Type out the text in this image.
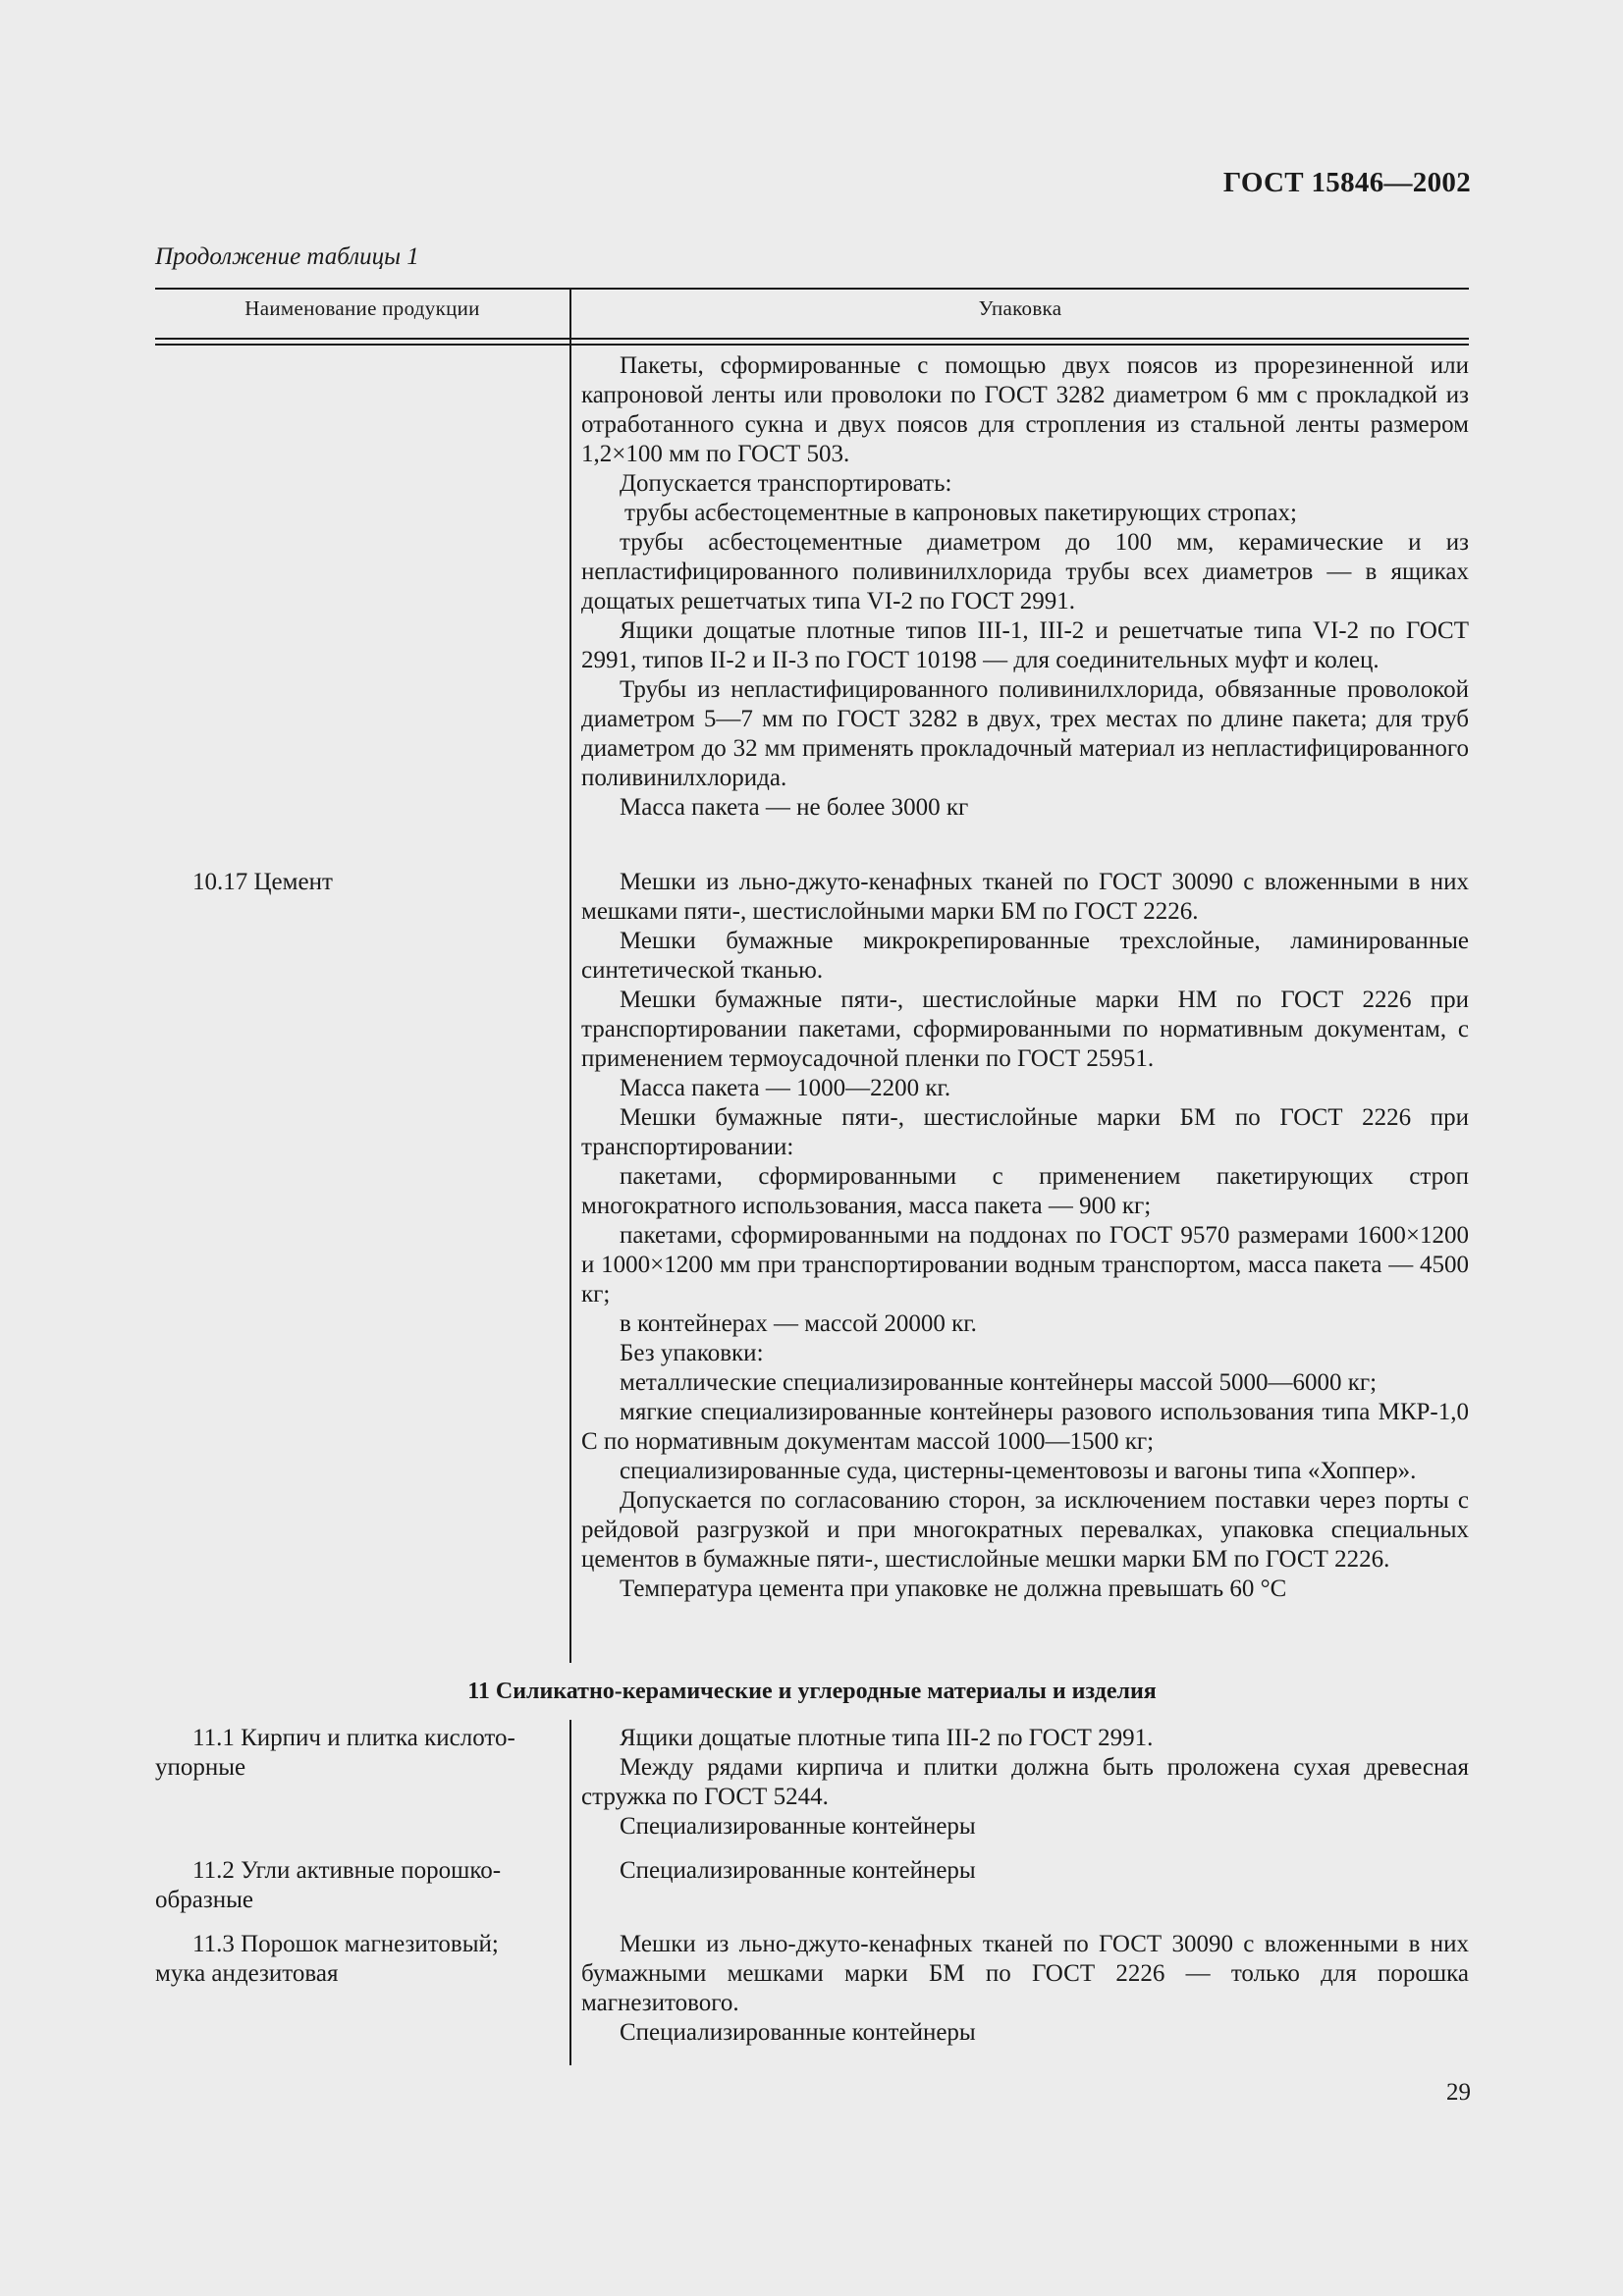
ГОСТ 15846—2002
Продолжение таблицы 1
Наименование продукции	Упаковка
Пакеты, сформированные с помощью двух поясов из прорезиненной или капроновой ленты или проволоки по ГОСТ 3282 диаметром 6 мм с прокладкой из отработанного сукна и двух поясов для стропления из стальной ленты размером 1,2×100 мм по ГОСТ 503.
Допускается транспортировать:
трубы асбестоцементные в капроновых пакетирующих стропах;
трубы асбестоцементные диаметром до 100 мм, керамические и из непластифицированного поливинилхлорида трубы всех диаметров — в ящиках дощатых решетчатых типа VI-2 по ГОСТ 2991.
Ящики дощатые плотные типов III-1, III-2 и решетчатые типа VI-2 по ГОСТ 2991, типов II-2 и II-3 по ГОСТ 10198 — для соединительных муфт и колец.
Трубы из непластифицированного поливинилхлорида, обвязанные проволокой диаметром 5—7 мм по ГОСТ 3282 в двух, трех местах по длине пакета; для труб диаметром до 32 мм применять прокладочный материал из непластифицированного поливинилхлорида.
Масса пакета — не более 3000 кг
10.17 Цемент	Мешки из льно-джуто-кенафных тканей по ГОСТ 30090 с вложенными в них мешками пяти-, шестислойными марки БМ по ГОСТ 2226.
Мешки бумажные микрокрепированные трехслойные, ламинированные синтетической тканью.
Мешки бумажные пяти-, шестислойные марки НМ по ГОСТ 2226 при транспортировании пакетами, сформированными по нормативным документам, с применением термоусадочной пленки по ГОСТ 25951.
Масса пакета — 1000—2200 кг.
Мешки бумажные пяти-, шестислойные марки БМ по ГОСТ 2226 при транспортировании:
пакетами, сформированными с применением пакетирующих строп многократного использования, масса пакета — 900 кг;
пакетами, сформированными на поддонах по ГОСТ 9570 размерами 1600×1200 и 1000×1200 мм при транспортировании водным транспортом, масса пакета — 4500 кг;
в контейнерах — массой 20000 кг.
Без упаковки:
металлические специализированные контейнеры массой 5000—6000 кг;
мягкие специализированные контейнеры разового использования типа МКР-1,0 С по нормативным документам массой 1000—1500 кг;
специализированные суда, цистерны-цементовозы и вагоны типа «Хоппер».
Допускается по согласованию сторон, за исключением поставки через порты с рейдовой разгрузкой и при многократных перевалках, упаковка специальных цементов в бумажные пяти-, шестислойные мешки марки БМ по ГОСТ 2226.
Температура цемента при упаковке не должна превышать 60 °С
11 Силикатно-керамические и углеродные материалы и изделия
11.1 Кирпич и плитка кислото-
упорные
Ящики дощатые плотные типа III-2 по ГОСТ 2991.
Между рядами кирпича и плитки должна быть проложена сухая древесная стружка по ГОСТ 5244.
Специализированные контейнеры
11.2 Угли активные порошко-
образные
Специализированные контейнеры
11.3 Порошок магнезитовый;
мука андезитовая
Мешки из льно-джуто-кенафных тканей по ГОСТ 30090 с вложенными в них бумажными мешками марки БМ по ГОСТ 2226 — только для порошка магнезитового.
Специализированные контейнеры
29
